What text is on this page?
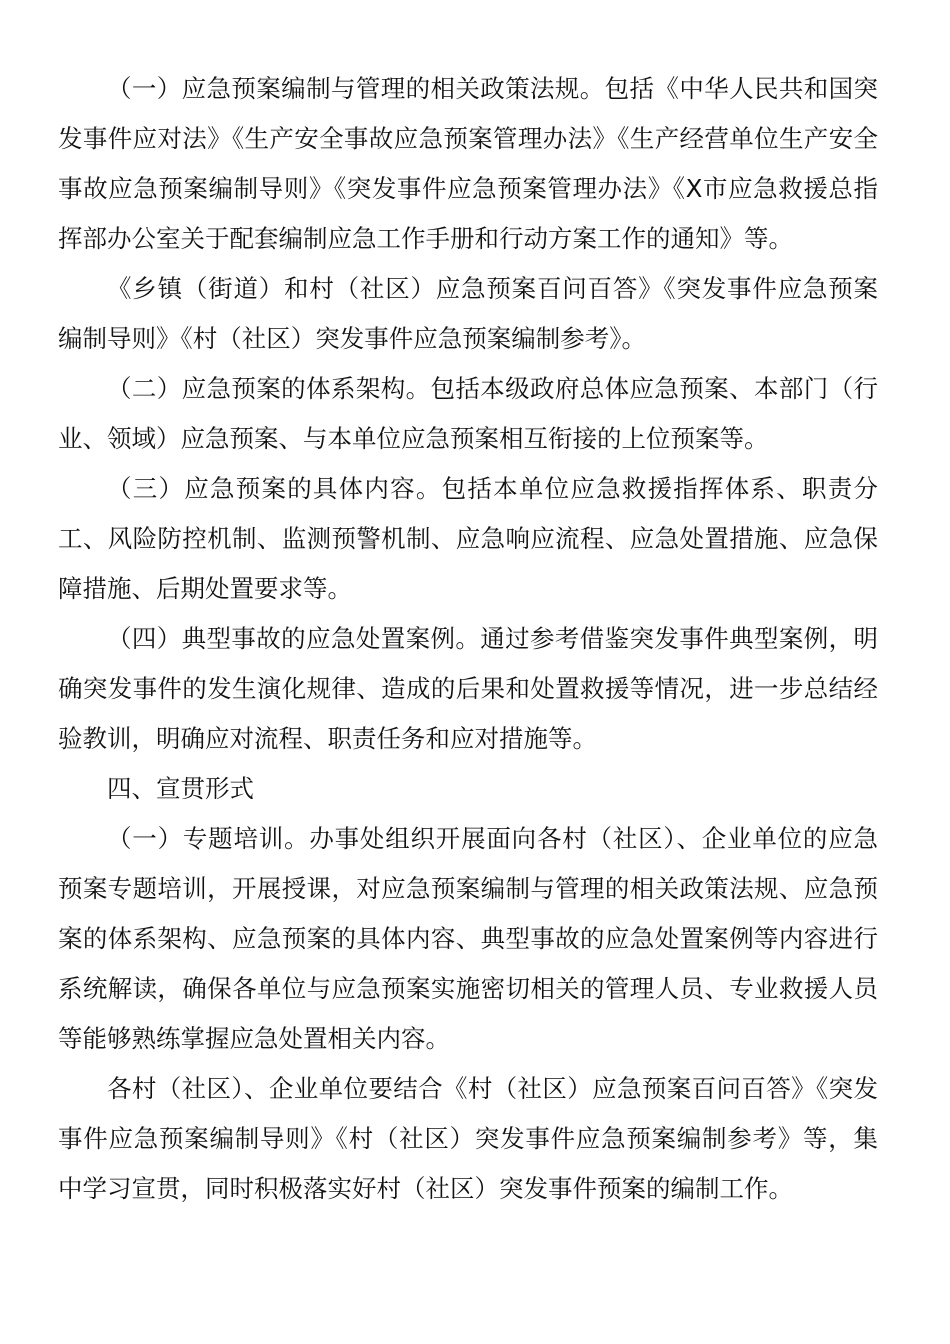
（一）应急预案编制与管理的相关政策法规。包括《中华人民共和国突发事件应对法》《生产安全事故应急预案管理办法》《生产经营单位生产安全事故应急预案编制导则》《突发事件应急预案管理办法》《X市应急救援总指挥部办公室关于配套编制应急工作手册和行动方案工作的通知》等。

《乡镇（街道）和村（社区）应急预案百问百答》《突发事件应急预案编制导则》《村（社区）突发事件应急预案编制参考》。

（二）应急预案的体系架构。包括本级政府总体应急预案、本部门（行业、领域）应急预案、与本单位应急预案相互衔接的上位预案等。

（三）应急预案的具体内容。包括本单位应急救援指挥体系、职责分工、风险防控机制、监测预警机制、应急响应流程、应急处置措施、应急保障措施、后期处置要求等。

（四）典型事故的应急处置案例。通过参考借鉴突发事件典型案例，明确突发事件的发生演化规律、造成的后果和处置救援等情况，进一步总结经验教训，明确应对流程、职责任务和应对措施等。

四、宣贯形式

（一）专题培训。办事处组织开展面向各村（社区）、企业单位的应急预案专题培训，开展授课，对应急预案编制与管理的相关政策法规、应急预案的体系架构、应急预案的具体内容、典型事故的应急处置案例等内容进行系统解读，确保各单位与应急预案实施密切相关的管理人员、专业救援人员等能够熟练掌握应急处置相关内容。

各村（社区）、企业单位要结合《村（社区）应急预案百问百答》《突发事件应急预案编制导则》《村（社区）突发事件应急预案编制参考》等，集中学习宣贯，同时积极落实好村（社区）突发事件预案的编制工作。
